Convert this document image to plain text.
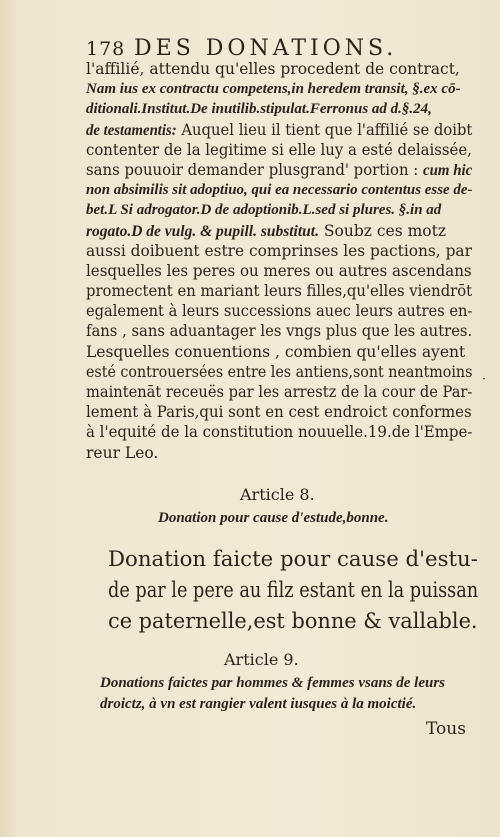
178 DES DONATIONS.
l'affilié, attendu qu'elles procedent de contract,
Nam ius ex contractu competens,in heredem transit, §.ex cō-
ditionali.Institut.De inutilib.stipulat.Ferronus ad d.§.24,
de testamentis: Auquel lieu il tient que l'affilié se doibt
contenter de la legitime si elle luy a esté delaissée,
sans pouuoir demander plusgrand' portion : cum hic
non absimilis sit adoptiuo, qui ea necessario contentus esse de-
bet.L Si adrogator.D de adoptionib.L.sed si plures. §.in ad
rogato.D de vulg. & pupill. substitut. Soubz ces motz
aussi doibuent estre comprinses les pactions, par
lesquelles les peres ou meres ou autres ascendans
promectent en mariant leurs filles,qu'elles viendrōt
egalement à leurs successions auec leurs autres en-
fans , sans aduantager les vngs plus que les autres.
Lesquelles conuentions , combien qu'elles ayent
esté controuersées entre les antiens,sont neantmoins
maintenāt receuës par les arrestz de la cour de Par-
lement à Paris,qui sont en cest endroict conformes
à l'equité de la constitution nouuelle.19.de l'Empe-
reur Leo.
·
Article 8.
Donation pour cause d'estude,bonne.
Donation faicte pour cause d'estu-
de par le pere au filz estant en la puissan
ce paternelle,est bonne & vallable.
Article 9.
Donations faictes par hommes & femmes vsans de leurs
droictz, à vn est rangier valent iusques à la moictié.
Tous
